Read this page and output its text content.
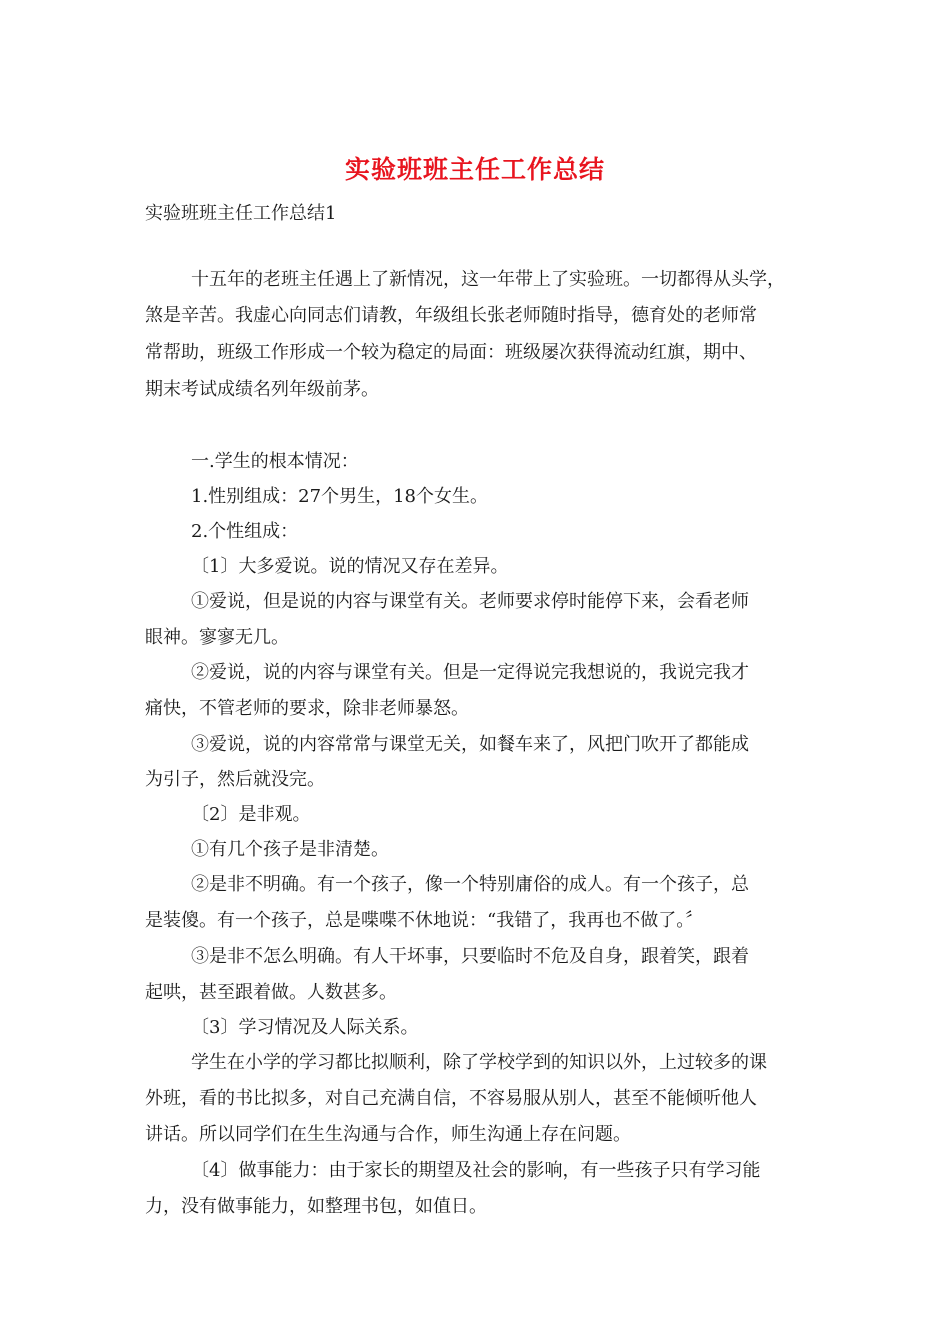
实验班班主任工作总结
实验班班主任工作总结1
十五年的老班主任遇上了新情况，这一年带上了实验班。一切都得从头学，
煞是辛苦。我虚心向同志们请教，年级组长张老师随时指导，德育处的老师常
常帮助，班级工作形成一个较为稳定的局面：班级屡次获得流动红旗，期中、
期末考试成绩名列年级前茅。
一.学生的根本情况：
1.性别组成：27个男生，18个女生。
2.个性组成：
〔1〕大多爱说。说的情况又存在差异。
①爱说，但是说的内容与课堂有关。老师要求停时能停下来，会看老师
眼神。寥寥无几。
②爱说，说的内容与课堂有关。但是一定得说完我想说的，我说完我才
痛快，不管老师的要求，除非老师暴怒。
③爱说，说的内容常常与课堂无关，如餐车来了，风把门吹开了都能成
为引子，然后就没完。
〔2〕是非观。
①有几个孩子是非清楚。
②是非不明确。有一个孩子，像一个特别庸俗的成人。有一个孩子，总
是装傻。有一个孩子，总是喋喋不休地说：“我错了，我再也不做了。〞
③是非不怎么明确。有人干坏事，只要临时不危及自身，跟着笑，跟着
起哄，甚至跟着做。人数甚多。
〔3〕学习情况及人际关系。
学生在小学的学习都比拟顺利，除了学校学到的知识以外，上过较多的课
外班，看的书比拟多，对自己充满自信，不容易服从别人，甚至不能倾听他人
讲话。所以同学们在生生沟通与合作，师生沟通上存在问题。
〔4〕做事能力：由于家长的期望及社会的影响，有一些孩子只有学习能
力，没有做事能力，如整理书包，如值日。
